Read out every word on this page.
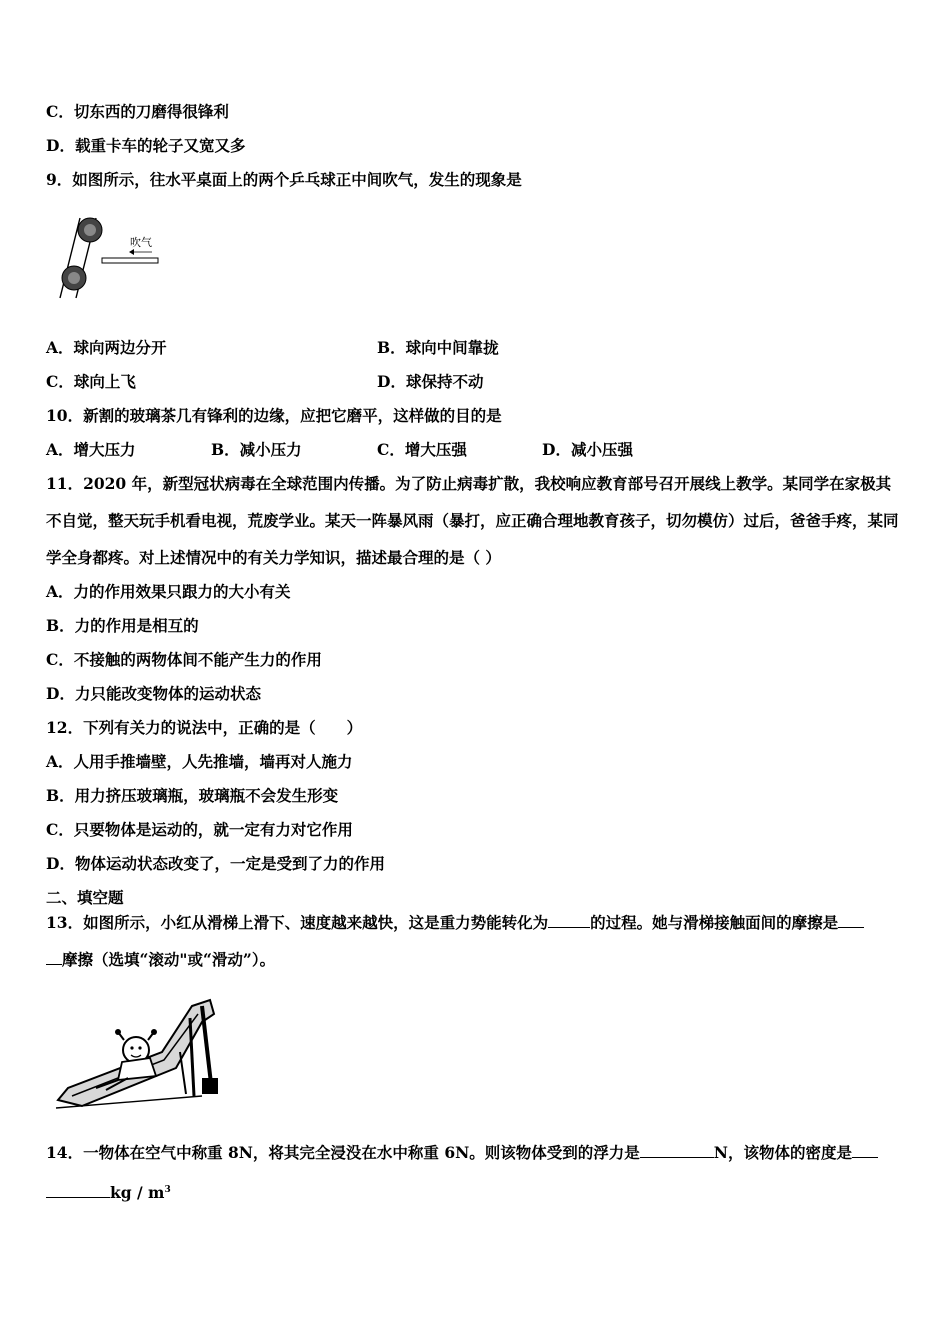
C．切东西的刀磨得很锋利
D．载重卡车的轮子又宽又多
9．如图所示，往水平桌面上的两个乒乓球正中间吹气，发生的现象是
吹气
A．球向两边分开	B．球向中间靠拢
C．球向上飞	D．球保持不动
10．新割的玻璃茶几有锋利的边缘，应把它磨平，这样做的目的是
A．增大压力	B．减小压力	C．增大压强	D．减小压强
11．2020 年，新型冠状病毒在全球范围内传播。为了防止病毒扩散，我校响应教育部号召开展线上教学。某同学在家极其不自觉，整天玩手机看电视，荒废学业。某天一阵暴风雨（暴打，应正确合理地教育孩子，切勿模仿）过后，爸爸手疼，某同学全身都疼。对上述情况中的有关力学知识，描述最合理的是（ ）
A．力的作用效果只跟力的大小有关
B．力的作用是相互的
C．不接触的两物体间不能产生力的作用
D．力只能改变物体的运动状态
12．下列有关力的说法中，正确的是（　　）
A．人用手推墙壁，人先推墙，墙再对人施力
B．用力挤压玻璃瓶，玻璃瓶不会发生形变
C．只要物体是运动的，就一定有力对它作用
D．物体运动状态改变了，一定是受到了力的作用
二、填空题
13．如图所示，小红从滑梯上滑下、速度越来越快，这是重力势能转化为	的过程。她与滑梯接触面间的摩擦是
摩擦（选填“滚动"或“滑动”）。
14．一物体在空气中称重 8N，将其完全浸没在水中称重 6N。则该物体受到的浮力是	N，该物体的密度是
kg / $m^3$
